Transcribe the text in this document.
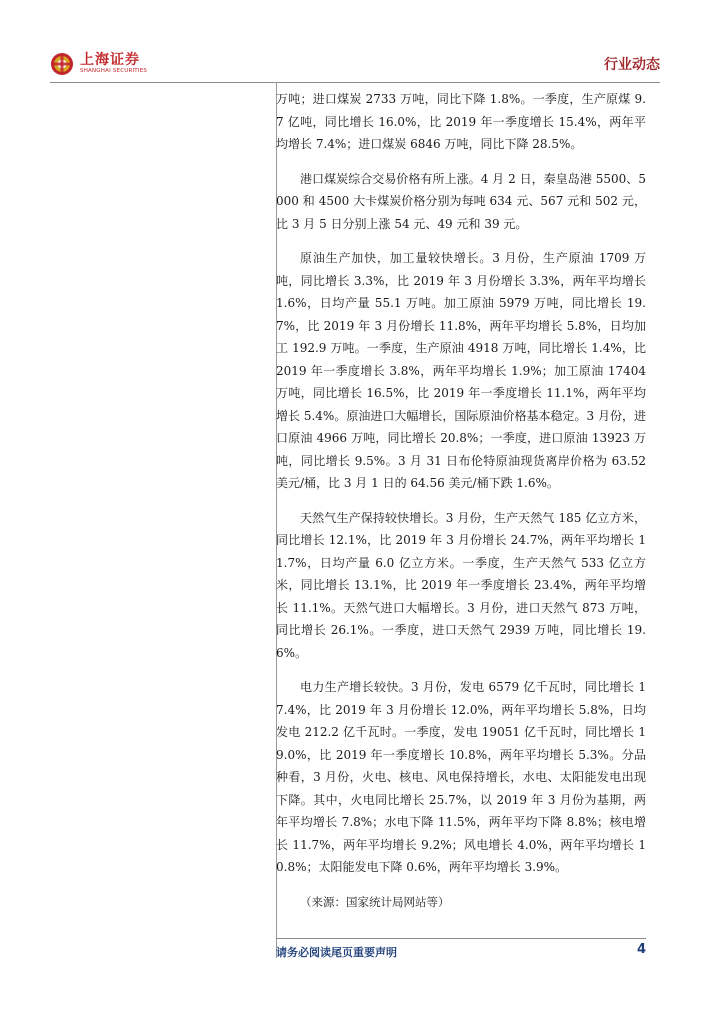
上海证券
SHANGHAI SECURITIES	行业动态

万吨；进口煤炭 2733 万吨，同比下降 1.8%。一季度，生产原煤 9.7 亿吨，同比增长 16.0%，比 2019 年一季度增长 15.4%，两年平均增长 7.4%；进口煤炭 6846 万吨，同比下降 28.5%。

港口煤炭综合交易价格有所上涨。4 月 2 日，秦皇岛港 5500、5000 和 4500 大卡煤炭价格分别为每吨 634 元、567 元和 502 元，比 3 月 5 日分别上涨 54 元、49 元和 39 元。

原油生产加快，加工量较快增长。3 月份，生产原油 1709 万吨，同比增长 3.3%，比 2019 年 3 月份增长 3.3%，两年平均增长 1.6%，日均产量 55.1 万吨。加工原油 5979 万吨，同比增长 19.7%，比 2019 年 3 月份增长 11.8%，两年平均增长 5.8%，日均加工 192.9 万吨。一季度，生产原油 4918 万吨，同比增长 1.4%，比 2019 年一季度增长 3.8%，两年平均增长 1.9%；加工原油 17404 万吨，同比增长 16.5%，比 2019 年一季度增长 11.1%，两年平均增长 5.4%。原油进口大幅增长，国际原油价格基本稳定。3 月份，进口原油 4966 万吨，同比增长 20.8%；一季度，进口原油 13923 万吨，同比增长 9.5%。3 月 31 日布伦特原油现货离岸价格为 63.52 美元/桶，比 3 月 1 日的 64.56 美元/桶下跌 1.6%。

天然气生产保持较快增长。3 月份，生产天然气 185 亿立方米，同比增长 12.1%，比 2019 年 3 月份增长 24.7%，两年平均增长 11.7%，日均产量 6.0 亿立方米。一季度，生产天然气 533 亿立方米，同比增长 13.1%，比 2019 年一季度增长 23.4%，两年平均增长 11.1%。天然气进口大幅增长。3 月份，进口天然气 873 万吨，同比增长 26.1%。一季度，进口天然气 2939 万吨，同比增长 19.6%。

电力生产增长较快。3 月份，发电 6579 亿千瓦时，同比增长 17.4%，比 2019 年 3 月份增长 12.0%，两年平均增长 5.8%，日均发电 212.2 亿千瓦时。一季度，发电 19051 亿千瓦时，同比增长 19.0%，比 2019 年一季度增长 10.8%，两年平均增长 5.3%。分品种看，3 月份，火电、核电、风电保持增长，水电、太阳能发电出现下降。其中，火电同比增长 25.7%，以 2019 年 3 月份为基期，两年平均增长 7.8%；水电下降 11.5%，两年平均下降 8.8%；核电增长 11.7%，两年平均增长 9.2%；风电增长 4.0%，两年平均增长 10.8%；太阳能发电下降 0.6%，两年平均增长 3.9%。

（来源：国家统计局网站等）

请务必阅读尾页重要声明	4
